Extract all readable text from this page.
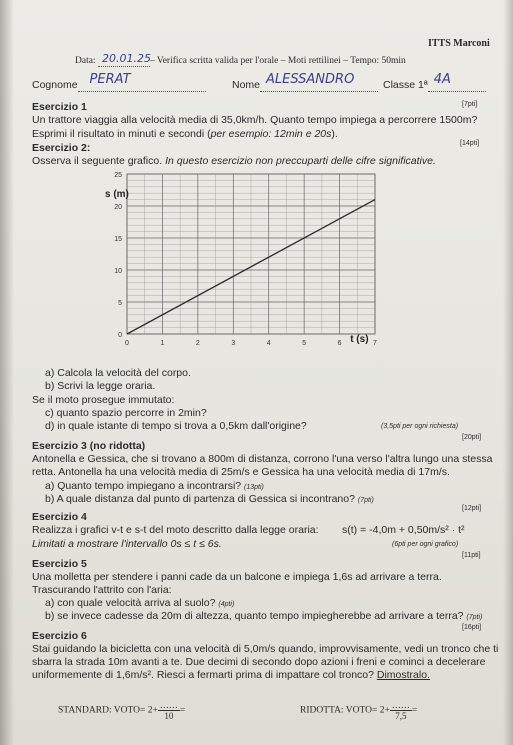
ITTS Marconi
Data: 20.01.25 – Verifica scritta valida per l'orale – Moti rettilinei – Tempo: 50min
Cognome PERAT
	Nome ALESSANDRO
	Classe 1ª 4A

Esercizio 1	[7pti]
Un trattore viaggia alla velocità media di 35,0km/h. Quanto tempo impiega a percorrere 1500m?
Esprimi il risultato in minuti e secondi (per esempio: 12min e 20s).
Esercizio 2:	[14pti]
Osserva il seguente grafico. In questo esercizio non preccuparti delle cifre significative.
0	1	2	3	4	5	6	7
0
5
10
15
20
25
s (m)
t (s)
a) Calcola la velocità del corpo.
b) Scrivi la legge oraria.
Se il moto prosegue immutato:
c) quanto spazio percorre in 2min?
d) in quale istante di tempo si trova a 0,5km dall'origine?	(3,5pti per ogni richiesta)
[20pti]
Esercizio 3 (no ridotta)
Antonella e Gessica, che si trovano a 800m di distanza, corrono l'una verso l'altra lungo una stessa
retta. Antonella ha una velocità media di 25m/s e Gessica ha una velocità media di 17m/s.
a) Quanto tempo impiegano a incontrarsi? (13pti)
b) A quale distanza dal punto di partenza di Gessica si incontrano? (7pti)
[12pti]
Esercizio 4
Realizza i grafici v-t e s-t del moto descritto dalla legge oraria: s(t) = -4,0m + 0,50m/s² · t²
Limitati a mostrare l'intervallo 0s ≤ t ≤ 6s.	(6pti per ogni grafico)
[11pti]
Esercizio 5
Una molletta per stendere i panni cade da un balcone e impiega 1,6s ad arrivare a terra.
Trascurando l'attrito con l'aria:
a) con quale velocità arriva al suolo? (4pti)
b) se invece cadesse da 20m di altezza, quanto tempo impiegherebbe ad arrivare a terra? (7pti)
[16pti]
Esercizio 6
Stai guidando la bicicletta con una velocità di 5,0m/s quando, improvvisamente, vedi un tronco che ti
sbarra la strada 10m avanti a te. Due decimi di secondo dopo azioni i freni e cominci a decelerare
uniformemente di 1,6m/s². Riesci a fermarti prima di impattare col tronco? Dimostralo.
STANDARD: VOTO= $2+ \frac{\dots\dots}{10}$ =	RIDOTTA: VOTO= $2+ \frac{\dots\dots}{7,5}$ =
